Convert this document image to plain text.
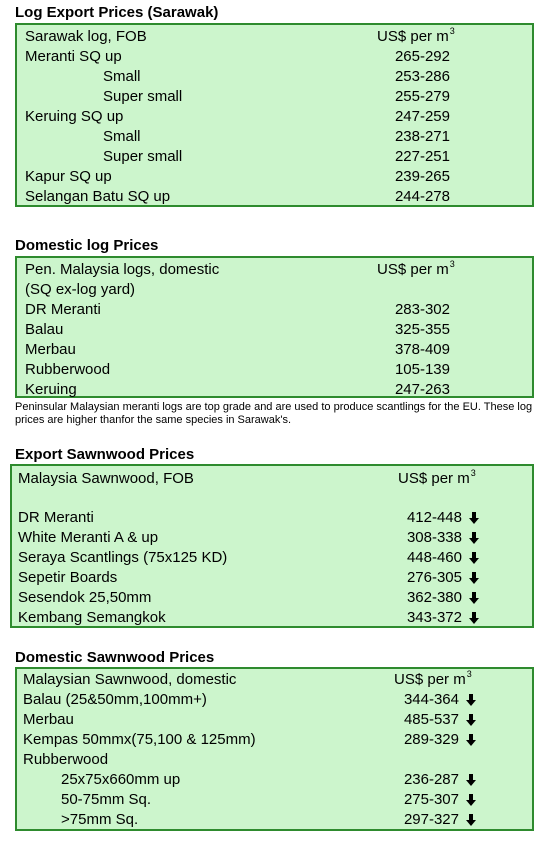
Log Export Prices (Sarawak)
Sarawak log, FOB	US$ per $m^3$
Meranti SQ up	265-292
Small	253-286
Super small	255-279
Keruing SQ up	247-259
Small	238-271
Super small	227-251
Kapur SQ up	239-265
Selangan Batu SQ up	244-278
Domestic log Prices
Pen. Malaysia logs, domestic	US$ per $m^3$
(SQ ex-log yard)
DR Meranti	283-302
Balau	325-355
Merbau	378-409
Rubberwood	105-139
Keruing	247-263
Peninsular Malaysian meranti logs are top grade and are used to produce scantlings for the EU. These log prices are higher thanfor the same species in Sarawak's.
Export Sawnwood Prices
Malaysia Sawnwood, FOB	US$ per $m^3$
DR Meranti	412-448
White Meranti A & up	308-338
Seraya Scantlings (75x125 KD)	448-460
Sepetir Boards	276-305
Sesendok 25,50mm	362-380
Kembang Semangkok	343-372
Domestic Sawnwood Prices
Malaysian Sawnwood, domestic	US$ per $m^3$
Balau (25&50mm,100mm+)	344-364
Merbau	485-537
Kempas 50mmx(75,100 & 125mm)	289-329
Rubberwood
25x75x660mm up	236-287
50-75mm Sq.	275-307
>75mm Sq.	297-327
